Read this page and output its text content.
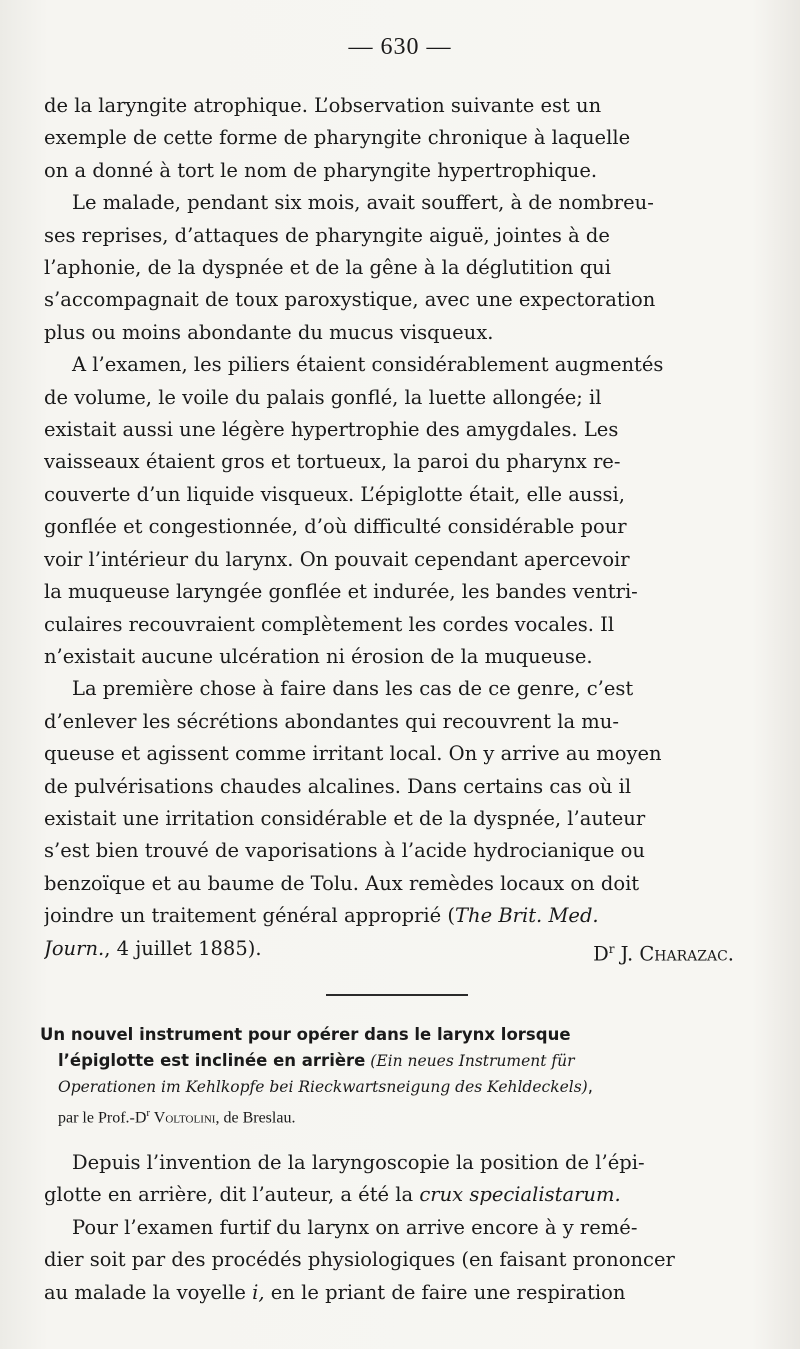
— 630 —

de la laryngite atrophique. L’observation suivante est un
exemple de cette forme de pharyngite chronique à laquelle
on a donné à tort le nom de pharyngite hypertrophique.

Le malade, pendant six mois, avait souffert, à de nombreu-
ses reprises, d’attaques de pharyngite aiguë, jointes à de
l’aphonie, de la dyspnée et de la gêne à la déglutition qui
s’accompagnait de toux paroxystique, avec une expectoration
plus ou moins abondante du mucus visqueux.

A l’examen, les piliers étaient considérablement augmentés
de volume, le voile du palais gonflé, la luette allongée; il
existait aussi une légère hypertrophie des amygdales. Les
vaisseaux étaient gros et tortueux, la paroi du pharynx re-
couverte d’un liquide visqueux. L’épiglotte était, elle aussi,
gonflée et congestionnée, d’où difficulté considérable pour
voir l’intérieur du larynx. On pouvait cependant apercevoir
la muqueuse laryngée gonflée et indurée, les bandes ventri-
culaires recouvraient complètement les cordes vocales. Il
n’existait aucune ulcération ni érosion de la muqueuse.

La première chose à faire dans les cas de ce genre, c’est
d’enlever les sécrétions abondantes qui recouvrent la mu-
queuse et agissent comme irritant local. On y arrive au moyen
de pulvérisations chaudes alcalines. Dans certains cas où il
existait une irritation considérable et de la dyspnée, l’auteur
s’est bien trouvé de vaporisations à l’acide hydrocianique ou
benzoïque et au baume de Tolu. Aux remèdes locaux on doit
joindre un traitement général approprié (The Brit. Med.
Journ., 4 juillet 1885).	$D^r$ J. Charazac.

Un nouvel instrument pour opérer dans le larynx lorsque
l’épiglotte est inclinée en arrière (Ein neues Instrument für
Operationen im Kehlkopfe bei Rieckwartsneigung des Kehldeckels),
par le $Prof.-D^r$ Voltolini, de Breslau.

Depuis l’invention de la laryngoscopie la position de l’épi-
glotte en arrière, dit l’auteur, a été la crux specialistarum.

Pour l’examen furtif du larynx on arrive encore à y remé-
dier soit par des procédés physiologiques (en faisant prononcer
au malade la voyelle i, en le priant de faire une respiration
